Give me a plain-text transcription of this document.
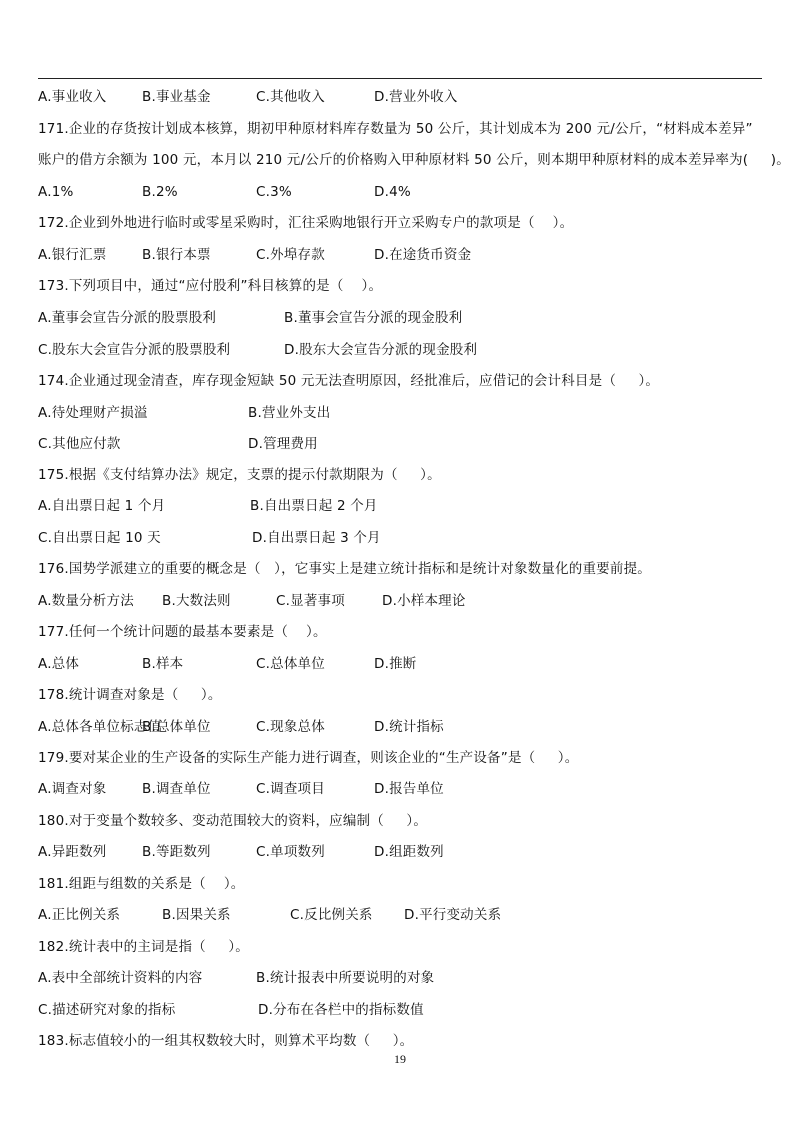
A.事业收入	B.事业基金	C.其他收入	D.营业外收入
171.企业的存货按计划成本核算，期初甲种原材料库存数量为 50 公斤，其计划成本为 200 元/公斤，“材料成本差异”
账户的借方余额为 100 元，本月以 210 元/公斤的价格购入甲种原材料 50 公斤，则本期甲种原材料的成本差异率为(     )。
A.1%	B.2%	C.3%	D.4%
172.企业到外地进行临时或零星采购时，汇往采购地银行开立采购专户的款项是（    ）。
A.银行汇票	B.银行本票	C.外埠存款	D.在途货币资金
173.下列项目中，通过“应付股利”科目核算的是（    ）。
A.董事会宣告分派的股票股利	B.董事会宣告分派的现金股利
C.股东大会宣告分派的股票股利	D.股东大会宣告分派的现金股利
174.企业通过现金清查，库存现金短缺 50 元无法查明原因，经批准后，应借记的会计科目是（     ）。
A.待处理财产损溢	B.营业外支出
C.其他应付款	D.管理费用
175.根据《支付结算办法》规定，支票的提示付款期限为（     ）。
A.自出票日起 1 个月	B.自出票日起 2 个月
C.自出票日起 10 天	D.自出票日起 3 个月
176.国势学派建立的重要的概念是（   ），它事实上是建立统计指标和是统计对象数量化的重要前提。
A.数量分析方法 B.大数法则	C.显著事项	D.小样本理论
177.任何一个统计问题的最基本要素是（    ）。
A.总体	B.样本	C.总体单位	D.推断
178.统计调查对象是（     ）。
A.总体各单位标志值
B.总体单位	C.现象总体	D.统计指标
179.要对某企业的生产设备的实际生产能力进行调查，则该企业的“生产设备”是（     ）。
A.调查对象	B.调查单位	C.调查项目	D.报告单位
180.对于变量个数较多、变动范围较大的资料，应编制（     ）。
A.异距数列	B.等距数列	C.单项数列	D.组距数列
181.组距与组数的关系是（    ）。
A.正比例关系	B.因果关系	C.反比例关系 D.平行变动关系
182.统计表中的主词是指（     ）。
A.表中全部统计资料的内容	B.统计报表中所要说明的对象
C.描述研究对象的指标	D.分布在各栏中的指标数值
183.标志值较小的一组其权数较大时，则算术平均数（     ）。
19
